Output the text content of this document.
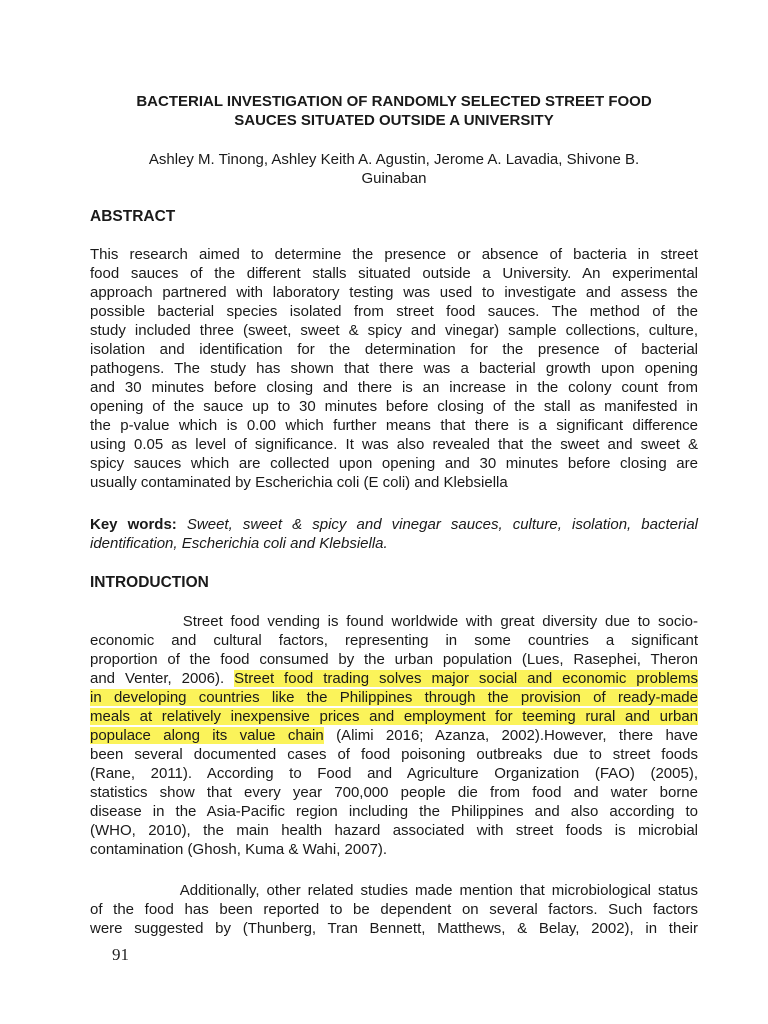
BACTERIAL INVESTIGATION OF RANDOMLY SELECTED STREET FOOD
SAUCES SITUATED OUTSIDE A UNIVERSITY

Ashley M. Tinong, Ashley Keith A. Agustin, Jerome A. Lavadia, Shivone B.
Guinaban

ABSTRACT

This research aimed to determine the presence or absence of bacteria in street
food sauces of the different stalls situated outside a University. An experimental
approach partnered with laboratory testing was used to investigate and assess the
possible bacterial species isolated from street food sauces. The method of the
study included three (sweet, sweet & spicy and vinegar) sample collections, culture,
isolation and identification for the determination for the presence of bacterial
pathogens. The study has shown that there was a bacterial growth upon opening
and 30 minutes before closing and there is an increase in the colony count from
opening of the sauce up to 30 minutes before closing of the stall as manifested in
the p-value which is 0.00 which further means that there is a significant difference
using 0.05 as level of significance. It was also revealed that the sweet and sweet &
spicy sauces which are collected upon opening and 30 minutes before closing are
usually contaminated by Escherichia coli (E coli) and Klebsiella

Key words: Sweet, sweet & spicy and vinegar sauces, culture, isolation, bacterial
identification, Escherichia coli and Klebsiella.

INTRODUCTION

Street food vending is found worldwide with great diversity due to socio-
economic and cultural factors, representing in some countries a significant
proportion of the food consumed by the urban population (Lues, Rasephei, Theron
and Venter, 2006). Street food trading solves major social and economic problems
in developing countries like the Philippines through the provision of ready-made
meals at relatively inexpensive prices and employment for teeming rural and urban
populace along its value chain (Alimi 2016; Azanza, 2002).However, there have
been several documented cases of food poisoning outbreaks due to street foods
(Rane, 2011). According to Food and Agriculture Organization (FAO) (2005),
statistics show that every year 700,000 people die from food and water borne
disease in the Asia-Pacific region including the Philippines and also according to
(WHO, 2010), the main health hazard associated with street foods is microbial
contamination (Ghosh, Kuma & Wahi, 2007).

Additionally, other related studies made mention that microbiological status
of the food has been reported to be dependent on several factors. Such factors
were suggested by (Thunberg, Tran Bennett, Matthews, & Belay, 2002), in their

91
